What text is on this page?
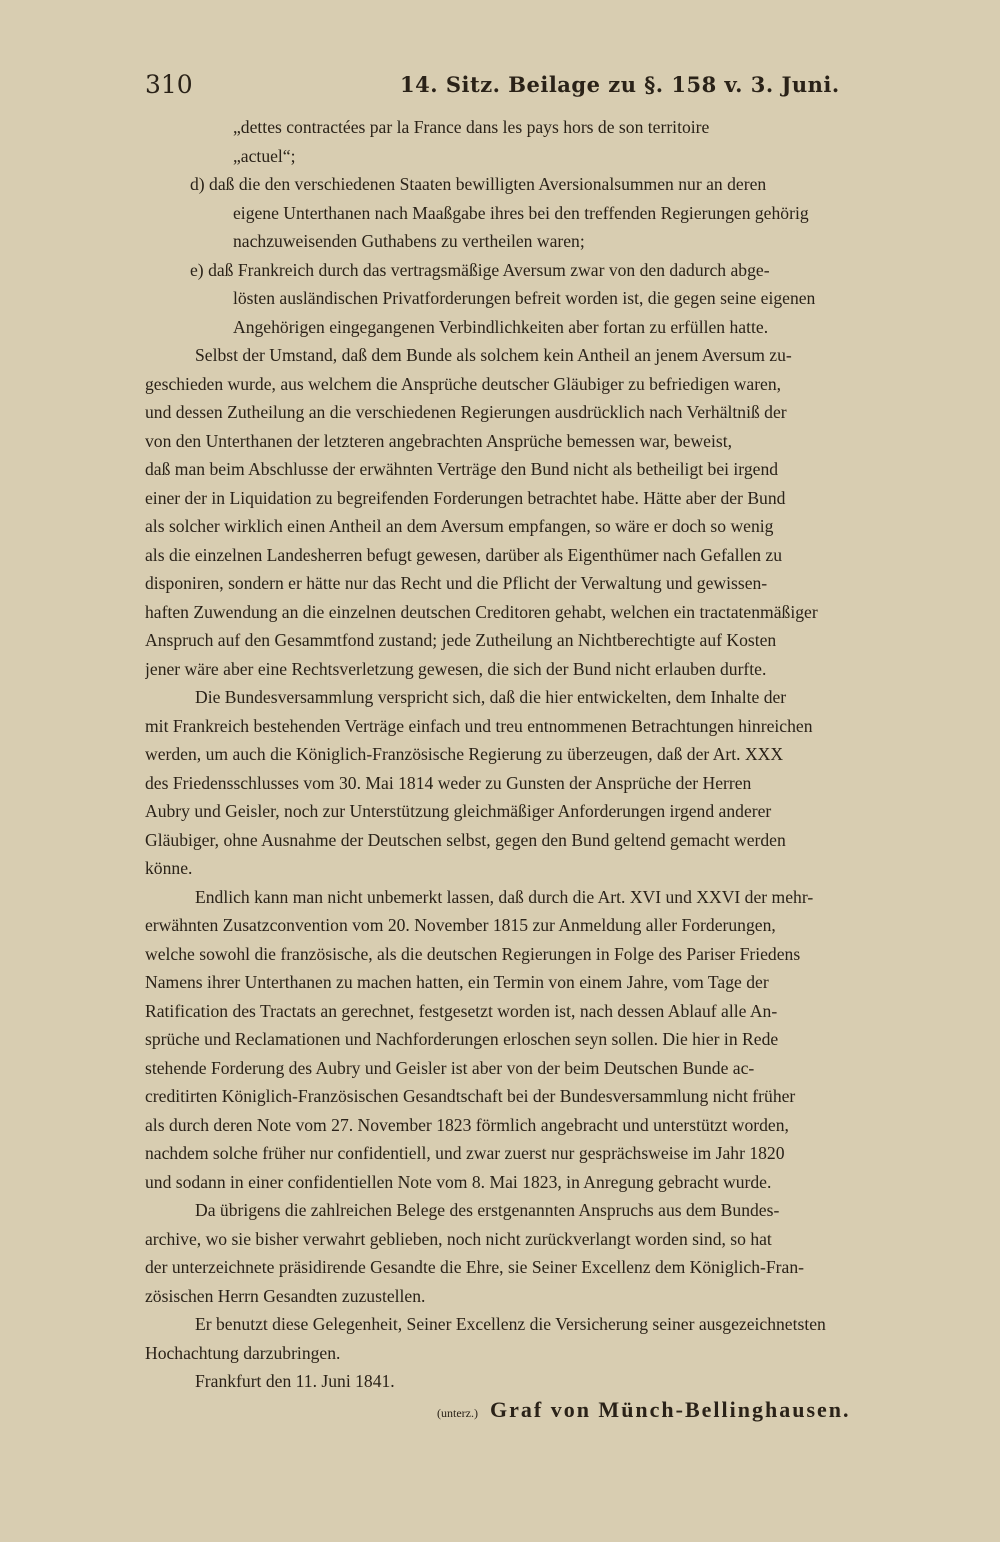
310	14. Sitz. Beilage zu §. 158 v. 3. Juni.
„dettes contractées par la France dans les pays hors de son territoire
„actuel“;
d) daß die den verschiedenen Staaten bewilligten Aversionalsummen nur an deren
eigene Unterthanen nach Maaßgabe ihres bei den treffenden Regierungen gehörig
nachzuweisenden Guthabens zu vertheilen waren;
e) daß Frankreich durch das vertragsmäßige Aversum zwar von den dadurch abge-
lösten ausländischen Privatforderungen befreit worden ist, die gegen seine eigenen
Angehörigen eingegangenen Verbindlichkeiten aber fortan zu erfüllen hatte.
Selbst der Umstand, daß dem Bunde als solchem kein Antheil an jenem Aversum zu-
geschieden wurde, aus welchem die Ansprüche deutscher Gläubiger zu befriedigen waren,
und dessen Zutheilung an die verschiedenen Regierungen ausdrücklich nach Verhältniß der
von den Unterthanen der letzteren angebrachten Ansprüche bemessen war, beweist,
daß man beim Abschlusse der erwähnten Verträge den Bund nicht als betheiligt bei irgend
einer der in Liquidation zu begreifenden Forderungen betrachtet habe. Hätte aber der Bund
als solcher wirklich einen Antheil an dem Aversum empfangen, so wäre er doch so wenig
als die einzelnen Landesherren befugt gewesen, darüber als Eigenthümer nach Gefallen zu
disponiren, sondern er hätte nur das Recht und die Pflicht der Verwaltung und gewissen-
haften Zuwendung an die einzelnen deutschen Creditoren gehabt, welchen ein tractatenmäßiger
Anspruch auf den Gesammtfond zustand; jede Zutheilung an Nichtberechtigte auf Kosten
jener wäre aber eine Rechtsverletzung gewesen, die sich der Bund nicht erlauben durfte.
Die Bundesversammlung verspricht sich, daß die hier entwickelten, dem Inhalte der
mit Frankreich bestehenden Verträge einfach und treu entnommenen Betrachtungen hinreichen
werden, um auch die Königlich-Französische Regierung zu überzeugen, daß der Art. XXX
des Friedensschlusses vom 30. Mai 1814 weder zu Gunsten der Ansprüche der Herren
Aubry und Geisler, noch zur Unterstützung gleichmäßiger Anforderungen irgend anderer
Gläubiger, ohne Ausnahme der Deutschen selbst, gegen den Bund geltend gemacht werden
könne.
Endlich kann man nicht unbemerkt lassen, daß durch die Art. XVI und XXVI der mehr-
erwähnten Zusatzconvention vom 20. November 1815 zur Anmeldung aller Forderungen,
welche sowohl die französische, als die deutschen Regierungen in Folge des Pariser Friedens
Namens ihrer Unterthanen zu machen hatten, ein Termin von einem Jahre, vom Tage der
Ratification des Tractats an gerechnet, festgesetzt worden ist, nach dessen Ablauf alle An-
sprüche und Reclamationen und Nachforderungen erloschen seyn sollen. Die hier in Rede
stehende Forderung des Aubry und Geisler ist aber von der beim Deutschen Bunde ac-
creditirten Königlich-Französischen Gesandtschaft bei der Bundesversammlung nicht früher
als durch deren Note vom 27. November 1823 förmlich angebracht und unterstützt worden,
nachdem solche früher nur confidentiell, und zwar zuerst nur gesprächsweise im Jahr 1820
und sodann in einer confidentiellen Note vom 8. Mai 1823, in Anregung gebracht wurde.
Da übrigens die zahlreichen Belege des erstgenannten Anspruchs aus dem Bundes-
archive, wo sie bisher verwahrt geblieben, noch nicht zurückverlangt worden sind, so hat
der unterzeichnete präsidirende Gesandte die Ehre, sie Seiner Excellenz dem Königlich-Fran-
zösischen Herrn Gesandten zuzustellen.
Er benutzt diese Gelegenheit, Seiner Excellenz die Versicherung seiner ausgezeichnetsten
Hochachtung darzubringen.
Frankfurt den 11. Juni 1841.
(unterz.) Graf von Münch-Bellinghausen.
